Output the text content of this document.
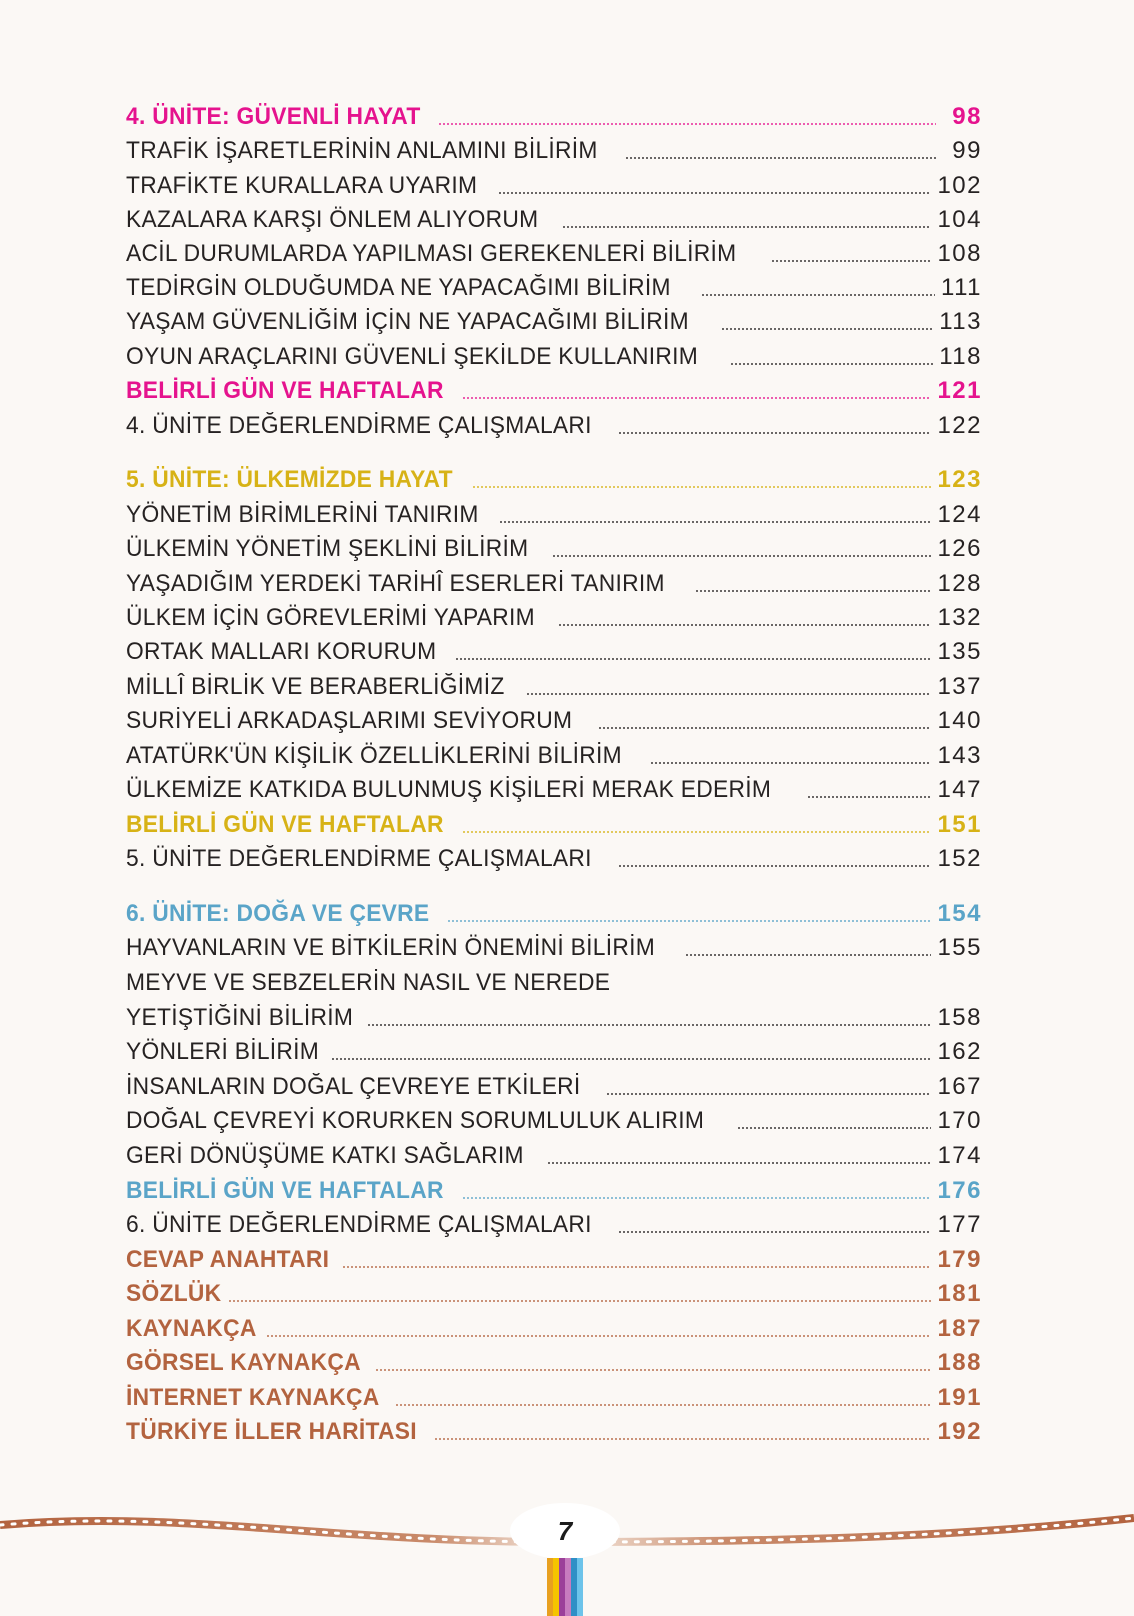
4. ÜNİTE: GÜVENLİ HAYAT	98
TRAFİK İŞARETLERİNİN ANLAMINI BİLİRİM	99
TRAFİKTE KURALLARA UYARIM	102
KAZALARA KARŞI ÖNLEM ALIYORUM	104
ACİL DURUMLARDA YAPILMASI GEREKENLERİ BİLİRİM	108
TEDİRGİN OLDUĞUMDA NE YAPACAĞIMI BİLİRİM	111
YAŞAM GÜVENLİĞİM İÇİN NE YAPACAĞIMI BİLİRİM	113
OYUN ARAÇLARINI GÜVENLİ ŞEKİLDE KULLANIRIM	118
BELİRLİ GÜN VE HAFTALAR	121
4. ÜNİTE DEĞERLENDİRME ÇALIŞMALARI	122
5. ÜNİTE: ÜLKEMİZDE HAYAT	123
YÖNETİM BİRİMLERİNİ TANIRIM	124
ÜLKEMİN YÖNETİM ŞEKLİNİ BİLİRİM	126
YAŞADIĞIM YERDEKİ TARİHÎ ESERLERİ TANIRIM	128
ÜLKEM İÇİN GÖREVLERİMİ YAPARIM	132
ORTAK MALLARI KORURUM	135
MİLLÎ BİRLİK VE BERABERLİĞİMİZ	137
SURİYELİ ARKADAŞLARIMI SEVİYORUM	140
ATATÜRK'ÜN KİŞİLİK ÖZELLİKLERİNİ BİLİRİM	143
ÜLKEMİZE KATKIDA BULUNMUŞ KİŞİLERİ MERAK EDERİM	147
BELİRLİ GÜN VE HAFTALAR	151
5. ÜNİTE DEĞERLENDİRME ÇALIŞMALARI	152
6. ÜNİTE: DOĞA VE ÇEVRE	154
HAYVANLARIN VE BİTKİLERİN ÖNEMİNİ BİLİRİM	155
MEYVE VE SEBZELERİN NASIL VE NEREDE
YETİŞTİĞİNİ BİLİRİM	158
YÖNLERİ BİLİRİM	162
İNSANLARIN DOĞAL ÇEVREYE ETKİLERİ	167
DOĞAL ÇEVREYİ KORURKEN SORUMLULUK ALIRIM	170
GERİ DÖNÜŞÜME KATKI SAĞLARIM	174
BELİRLİ GÜN VE HAFTALAR	176
6. ÜNİTE DEĞERLENDİRME ÇALIŞMALARI	177
CEVAP ANAHTARI	179
SÖZLÜK	181
KAYNAKÇA	187
GÖRSEL KAYNAKÇA	188
İNTERNET KAYNAKÇA	191
TÜRKİYE İLLER HARİTASI	192
7
